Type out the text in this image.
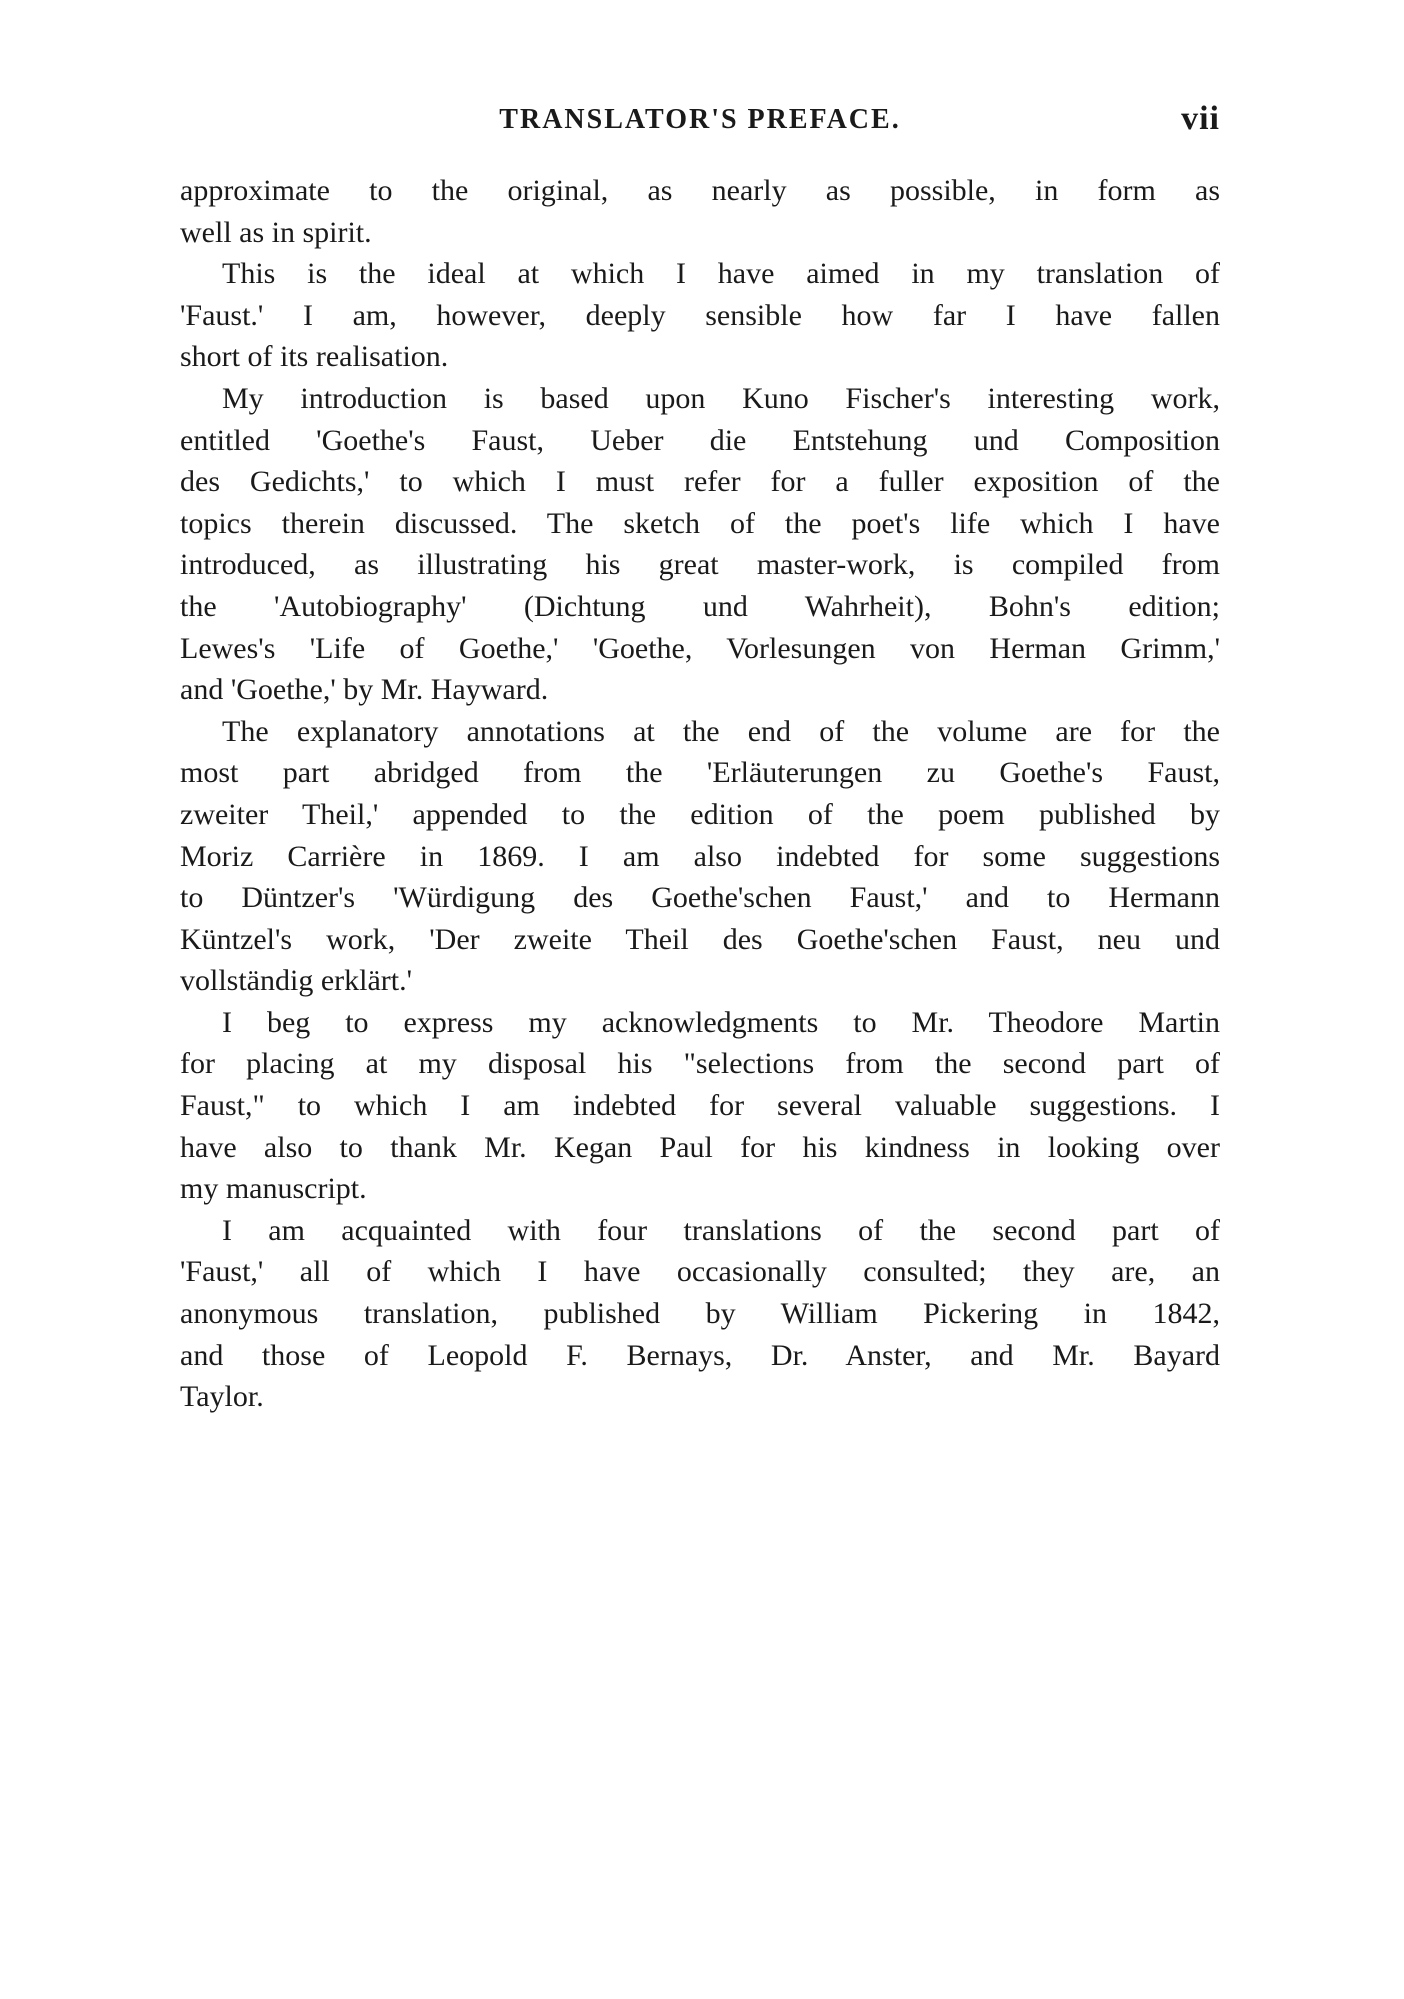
TRANSLATOR'S PREFACE.	vii
approximate to the original, as nearly as possible, in form as
well as in spirit.
This is the ideal at which I have aimed in my translation of
'Faust.' I am, however, deeply sensible how far I have fallen
short of its realisation.
My introduction is based upon Kuno Fischer's interesting work,
entitled 'Goethe's Faust, Ueber die Entstehung und Composition
des Gedichts,' to which I must refer for a fuller exposition of the
topics therein discussed. The sketch of the poet's life which I have
introduced, as illustrating his great master-work, is compiled from
the 'Autobiography' (Dichtung und Wahrheit), Bohn's edition;
Lewes's 'Life of Goethe,' 'Goethe, Vorlesungen von Herman Grimm,'
and 'Goethe,' by Mr. Hayward.
The explanatory annotations at the end of the volume are for the
most part abridged from the 'Erläuterungen zu Goethe's Faust,
zweiter Theil,' appended to the edition of the poem published by
Moriz Carrière in 1869. I am also indebted for some suggestions
to Düntzer's 'Würdigung des Goethe'schen Faust,' and to Hermann
Küntzel's work, 'Der zweite Theil des Goethe'schen Faust, neu und
vollständig erklärt.'
I beg to express my acknowledgments to Mr. Theodore Martin
for placing at my disposal his "selections from the second part of
Faust," to which I am indebted for several valuable suggestions. I
have also to thank Mr. Kegan Paul for his kindness in looking over
my manuscript.
I am acquainted with four translations of the second part of
'Faust,' all of which I have occasionally consulted; they are, an
anonymous translation, published by William Pickering in 1842,
and those of Leopold F. Bernays, Dr. Anster, and Mr. Bayard
Taylor.
